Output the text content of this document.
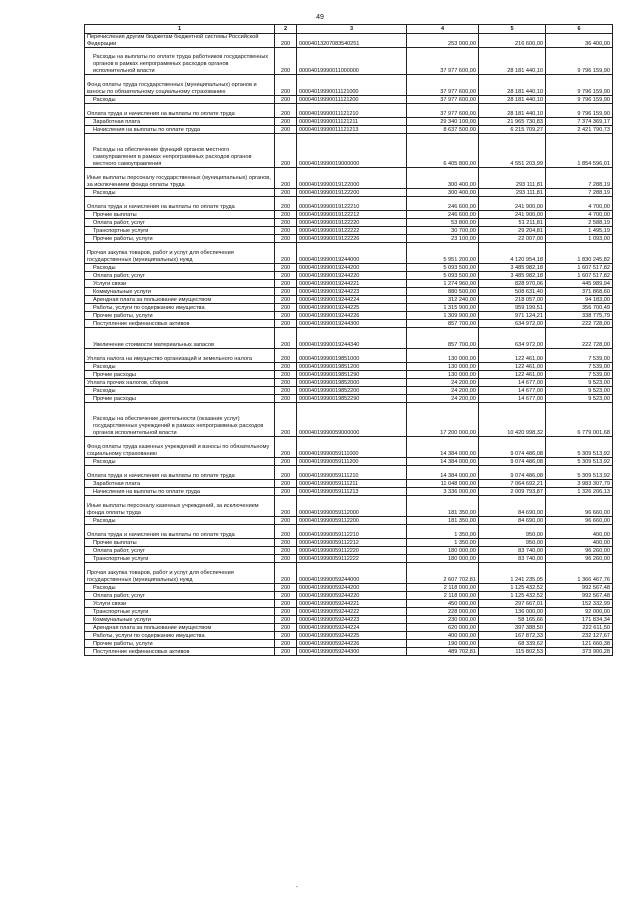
49
1	2	3	4	5	6
Перечисления другим бюджетам бюджетной системы Российской Федерации	200	00004013207083540251	253 000,00	216 600,00	36 400,00
Расходы на выплаты по оплате труда работников государственных органов в рамках непрограммных расходов органов исполнительной власти	200	00004019990011000000	37 977 600,00	28 181 440,10	9 796 159,90
Фонд оплаты труда государственных (муниципальных) органов и взносы по обязательному социальному страхованию	200	00004019990011121000	37 977 600,00	28 181 440,10	9 796 159,90
Расходы	200	00004019990011121200	37 977 600,00	28 181 440,10	9 796 159,90
Оплата труда и начисления на выплаты по оплате труда	200	00004019990011121210	37 977 600,00	28 181 440,10	9 796 159,90
Заработная плата	200	00004019990011121211	29 340 100,00	21 965 730,83	7 374 369,17
Начисления на выплаты по оплате труда	200	00004019990011121213	8 637 500,00	6 215 709,27	2 421 790,73
Расходы на обеспечение функций органов местного самоуправления в рамках непрограммных расходов органов местного самоуправления	200	00004019990019000000	6 405 800,00	4 551 203,99	1 854 596,01
Иные выплаты персоналу государственных (муниципальных) органов, за исключением фонда оплаты труда	200	00004019990019122000	300 400,00	293 111,81	7 288,19
Расходы	200	00004019990019122200	300 400,00	293 111,81	7 288,19
Оплата труда и начисления на выплаты по оплате труда	200	00004019990019122210	246 600,00	241 900,00	4 700,00
Прочие выплаты	200	00004019990019122212	246 600,00	241 900,00	4 700,00
Оплата работ, услуг	200	00004019990019122220	53 800,00	51 211,81	2 588,19
Транспортные услуги	200	00004019990019122222	30 700,00	29 204,81	1 495,19
Прочие работы, услуги	200	00004019990019122226	23 100,00	22 007,00	1 093,00
Прочая закупка товаров, работ и услуг для обеспечения государственных (муниципальных) нужд	200	00004019990019244000	5 951 200,00	4 120 954,18	1 830 245,82
Расходы	200	00004019990019244200	5 093 500,00	3 485 982,18	1 607 517,82
Оплата работ, услуг	200	00004019990019244220	5 093 500,00	3 485 982,18	1 607 517,82
Услуги связи	200	00004019990019244221	1 274 960,00	828 970,06	445 989,94
Коммунальные услуги	200	00004019990019244223	880 500,00	508 631,40	371 868,60
Арендная плата за пользование имуществом	200	00004019990019244224	312 240,00	218 057,00	94 183,00
Работы, услуги по содержанию имущества	200	00004019990019244225	1 315 900,00	959 199,51	356 700,49
Прочие работы, услуги	200	00004019990019244226	1 309 900,00	971 124,21	338 775,79
Поступление нефинансовых активов	200	00004019990019244300	857 700,00	634 972,00	222 728,00
Увеличение стоимости материальных запасов	200	00004019990019244340	857 700,00	634 972,00	222 728,00
Уплата налога на имущество организаций и земельного налога	200	00004019990019851000	130 000,00	122 461,00	7 539,00
Расходы	200	00004019990019851200	130 000,00	122 461,00	7 539,00
Прочие расходы	200	00004019990019851290	130 000,00	122 461,00	7 539,00
Уплата прочих налогов, сборов	200	00004019990019852000	24 200,00	14 677,00	9 523,00
Расходы	200	00004019990019852200	24 200,00	14 677,00	9 523,00
Прочие расходы	200	00004019990019852290	24 200,00	14 677,00	9 523,00
Расходы на обеспечение деятельности (оказание услуг) государственных учреждений в рамках непрограммных расходов органов исполнительной власти	200	00004019990059000000	17 200 000,00	10 420 998,32	6 779 001,68
Фонд оплаты труда казенных учреждений и взносы по обязательному социальному страхованию	200	00004019990059111000	14 384 000,00	9 074 486,08	5 309 513,92
Расходы	200	00004019990059111200	14 384 000,00	9 074 486,08	5 309 513,92
Оплата труда и начисления на выплаты по оплате труда	200	00004019990059111210	14 384 000,00	9 074 486,08	5 309 513,92
Заработная плата	200	00004019990059111211	11 048 000,00	7 064 692,21	3 983 307,79
Начисления на выплаты по оплате труда	200	00004019990059111213	3 336 000,00	2 009 793,87	1 326 206,13
Иные выплаты персоналу казенных учреждений, за исключением фонда оплаты труда	200	00004019990059112000	181 350,00	84 690,00	96 660,00
Расходы	200	00004019990059112200	181 350,00	84 690,00	96 660,00
Оплата труда и начисления на выплаты по оплате труда	200	00004019990059112210	1 350,00	950,00	400,00
Прочие выплаты	200	00004019990059112212	1 350,00	950,00	400,00
Оплата работ, услуг	200	00004019990059112220	180 000,00	83 740,00	96 260,00
Транспортные услуги	200	00004019990059112222	180 000,00	83 740,00	96 260,00
Прочая закупка товаров, работ и услуг для обеспечения государственных (муниципальных) нужд	200	00004019990059244000	2 607 702,81	1 241 235,05	1 366 467,76
Расходы	200	00004019990059244200	2 118 000,00	1 125 432,52	992 567,48
Оплата работ, услуг	200	00004019990059244220	2 118 000,00	1 125 432,52	992 567,48
Услуги связи	200	00004019990059244221	450 000,00	297 667,01	152 332,99
Транспортные услуги	200	00004019990059244222	228 000,00	136 000,00	92 000,00
Коммунальные услуги	200	00004019990059244223	230 000,00	58 165,66	171 834,34
Арендная плата за пользование имуществом	200	00004019990059244224	620 000,00	397 388,50	222 611,50
Работы, услуги по содержанию имущества	200	00004019990059244225	400 000,00	167 872,33	232 127,67
Прочие работы, услуги	200	00004019990059244226	190 000,00	68 339,62	121 660,38
Поступление нефинансовых активов	200	00004019990059244300	489 702,81	115 802,53	373 900,28
-
